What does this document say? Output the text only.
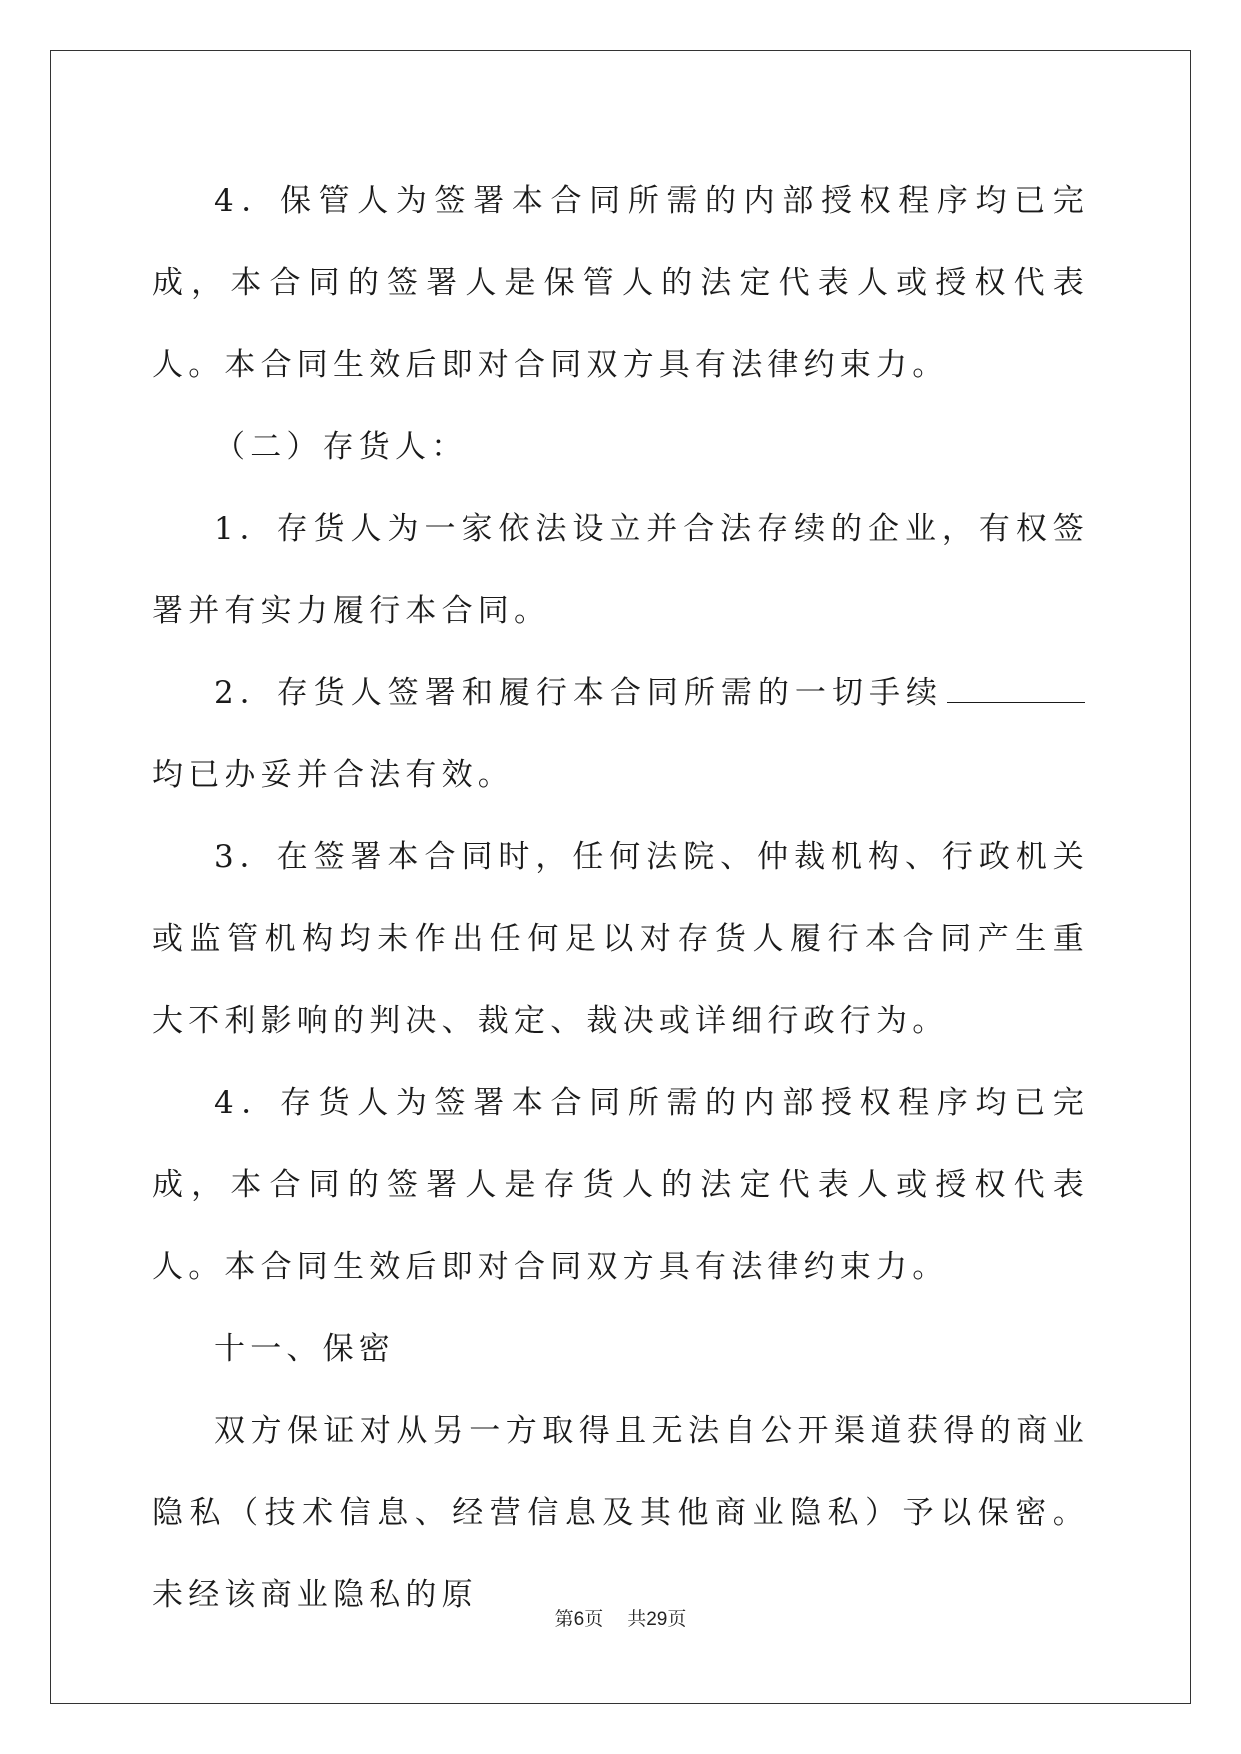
4．保管人为签署本合同所需的内部授权程序均已完成，本合同的签署人是保管人的法定代表人或授权代表人。本合同生效后即对合同双方具有法律约束力。

（二）存货人：

1．存货人为一家依法设立并合法存续的企业，有权签署并有实力履行本合同。

2．存货人签署和履行本合同所需的一切手续均已办妥并合法有效。

3．在签署本合同时，任何法院、仲裁机构、行政机关或监管机构均未作出任何足以对存货人履行本合同产生重大不利影响的判决、裁定、裁决或详细行政行为。

4．存货人为签署本合同所需的内部授权程序均已完成，本合同的签署人是存货人的法定代表人或授权代表人。本合同生效后即对合同双方具有法律约束力。

十一、保密

双方保证对从另一方取得且无法自公开渠道获得的商业隐私（技术信息、经营信息及其他商业隐私）予以保密。未经该商业隐私的原

第6页 共29页
